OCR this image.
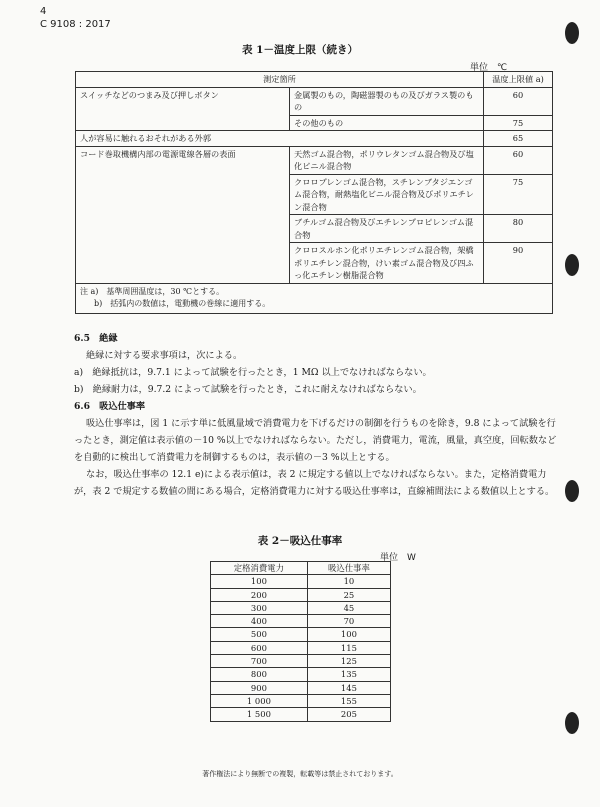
4
C 9108 : 2017
表 1－温度上限（続き）
単位　℃
測定箇所		温度上限値 a)
スイッチなどのつまみ及び押しボタン	金属製のもの，陶磁器製のもの及びガラス製のもの	60
	その他のもの	75
人が容易に触れるおそれがある外郭		65
コード巻取機構内部の電源電線各層の表面	天然ゴム混合物，ポリウレタンゴム混合物及び塩化ビニル混合物	60
	クロロプレンゴム混合物，スチレンブタジエンゴム混合物，耐熱塩化ビニル混合物及びポリエチレン混合物	75
	ブチルゴム混合物及びエチレンプロピレンゴム混合物	80
	クロロスルホン化ポリエチレンゴム混合物，架橋ポリエチレン混合物，けい素ゴム混合物及び四ふっ化エチレン樹脂混合物	90

注 a)　基準周囲温度は，30 ℃とする。
b)　括弧内の数値は，電動機の巻線に適用する。		
6.5　絶縁
絶縁に対する要求事項は，次による。
a)　絶縁抵抗は，9.7.1 によって試験を行ったとき，1 MΩ 以上でなければならない。
b)　絶縁耐力は，9.7.2 によって試験を行ったとき，これに耐えなければならない。
6.6　吸込仕事率
吸込仕事率は，図 1 に示す単に低風量域で消費電力を下げるだけの制御を行うものを除き，9.8 によって試験を行ったとき，測定値は表示値の－10 %以上でなければならない。ただし，消費電力，電流，風量，真空度，回転数などを自動的に検出して消費電力を制御するものは，表示値の－3 %以上とする。
なお，吸込仕事率の 12.1 e)による表示値は，表 2 に規定する値以上でなければならない。また，定格消費電力が，表 2 で規定する数値の間にある場合，定格消費電力に対する吸込仕事率は，直線補間法による数値以上とする。
表 2－吸込仕事率
単位　W
定格消費電力	吸込仕事率
100	10
200	25
300	45
400	70
500	100
600	115
700	125
800	135
900	145
1 000	155
1 500	205
著作権法により無断での複製，転載等は禁止されております。
